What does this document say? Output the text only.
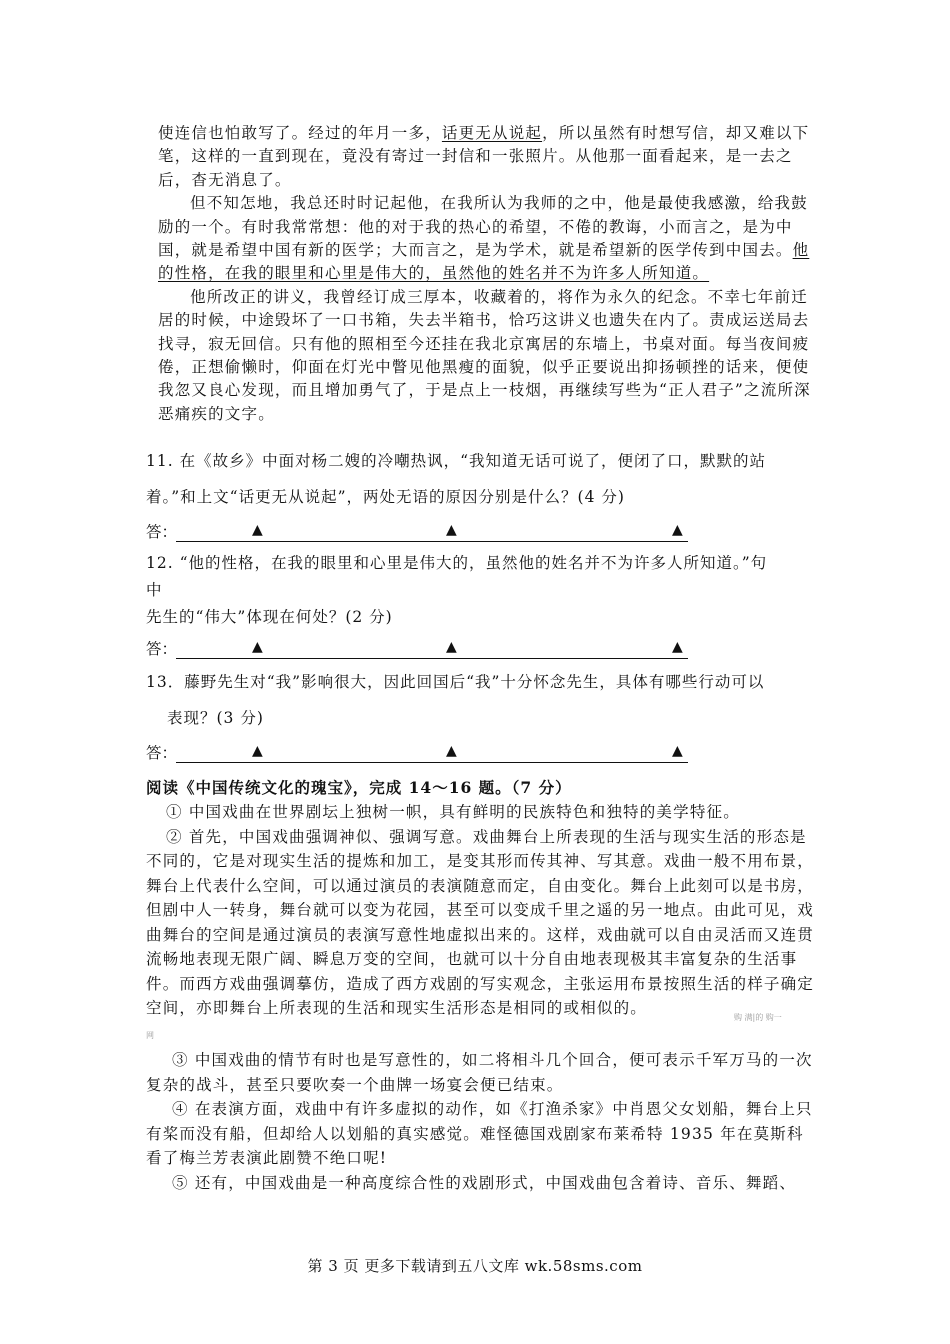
使连信也怕敢写了。经过的年月一多，话更无从说起，所以虽然有时想写信，却又难以下笔，这样的一直到现在，竟没有寄过一封信和一张照片。从他那一面看起来，是一去之后，杳无消息了。

但不知怎地，我总还时时记起他，在我所认为我师的之中，他是最使我感激，给我鼓励的一个。有时我常常想：他的对于我的热心的希望，不倦的教诲，小而言之，是为中国，就是希望中国有新的医学；大而言之，是为学术，就是希望新的医学传到中国去。他的性格，在我的眼里和心里是伟大的，虽然他的姓名并不为许多人所知道。

他所改正的讲义，我曾经订成三厚本，收藏着的，将作为永久的纪念。不幸七年前迁居的时候，中途毁坏了一口书箱，失去半箱书，恰巧这讲义也遗失在内了。责成运送局去找寻，寂无回信。只有他的照相至今还挂在我北京寓居的东墙上，书桌对面。每当夜间疲倦，正想偷懒时，仰面在灯光中瞥见他黑瘦的面貌，似乎正要说出抑扬顿挫的话来，便使我忽又良心发现，而且增加勇气了，于是点上一枝烟，再继续写些为“正人君子”之流所深恶痛疾的文字。

11. 在《故乡》中面对杨二嫂的冷嘲热讽，“我知道无话可说了，便闭了口，默默的站
着。”和上文“话更无从说起”，两处无语的原因分别是什么？(4 分)
答：	▲	▲	▲
12. “他的性格，在我的眼里和心里是伟大的，虽然他的姓名并不为许多人所知道。”句
中
先生的“伟大”体现在何处？(2 分)
答：	▲	▲	▲
13．藤野先生对“我”影响很大，因此回国后“我”十分怀念先生，具体有哪些行动可以
表现？(3 分)
答：	▲	▲	▲
阅读《中国传统文化的瑰宝》，完成 14～16 题。（7 分）

① 中国戏曲在世界剧坛上独树一帜，具有鲜明的民族特色和独特的美学特征。

② 首先，中国戏曲强调神似、强调写意。戏曲舞台上所表现的生活与现实生活的形态是不同的，它是对现实生活的提炼和加工，是变其形而传其神、写其意。戏曲一般不用布景，舞台上代表什么空间，可以通过演员的表演随意而定，自由变化。舞台上此刻可以是书房，但剧中人一转身，舞台就可以变为花园，甚至可以变成千里之遥的另一地点。由此可见，戏曲舞台的空间是通过演员的表演写意性地虚拟出来的。这样，戏曲就可以自由灵活而又连贯流畅地表现无限广阔、瞬息万变的空间，也就可以十分自由地表现极其丰富复杂的生活事件。而西方戏曲强调摹仿，造成了西方戏剧的写实观念，主张运用布景按照生活的样子确定空间，亦即舞台上所表现的生活和现实生活形态是相同的或相似的。

购 满|的 购一
网

③ 中国戏曲的情节有时也是写意性的，如二将相斗几个回合，便可表示千军万马的一次复杂的战斗，甚至只要吹奏一个曲牌一场宴会便已结束。

④ 在表演方面，戏曲中有许多虚拟的动作，如《打渔杀家》中肖恩父女划船，舞台上只有桨而没有船，但却给人以划船的真实感觉。难怪德国戏剧家布莱希特 1935 年在莫斯科看了梅兰芳表演此剧赞不绝口呢!

⑤ 还有，中国戏曲是一种高度综合性的戏剧形式，中国戏曲包含着诗、音乐、舞蹈、

第 3 页 更多下载请到五八文库 wk.58sms.com
